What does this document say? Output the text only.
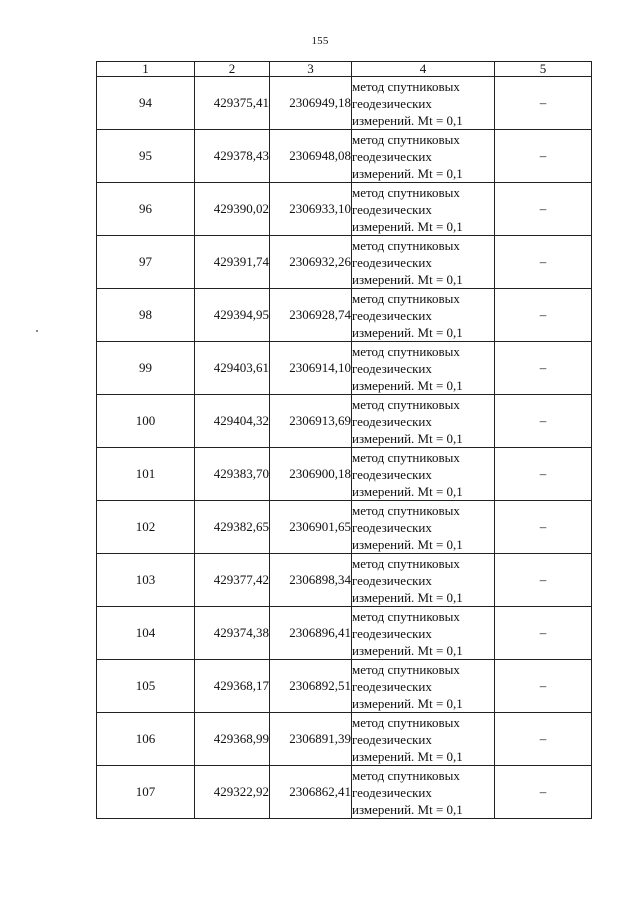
155
1	2	3	4	5
94	429375,41	2306949,18	метод спутниковых
геодезических
измерений. Mt = 0,1	–
95	429378,43	2306948,08	метод спутниковых
геодезических
измерений. Mt = 0,1	–
96	429390,02	2306933,10	метод спутниковых
геодезических
измерений. Mt = 0,1	–
97	429391,74	2306932,26	метод спутниковых
геодезических
измерений. Mt = 0,1	–
98	429394,95	2306928,74	метод спутниковых
геодезических
измерений. Mt = 0,1	–
99	429403,61	2306914,10	метод спутниковых
геодезических
измерений. Mt = 0,1	–
100	429404,32	2306913,69	метод спутниковых
геодезических
измерений. Mt = 0,1	–
101	429383,70	2306900,18	метод спутниковых
геодезических
измерений. Mt = 0,1	–
102	429382,65	2306901,65	метод спутниковых
геодезических
измерений. Mt = 0,1	–
103	429377,42	2306898,34	метод спутниковых
геодезических
измерений. Mt = 0,1	–
104	429374,38	2306896,41	метод спутниковых
геодезических
измерений. Mt = 0,1	–
105	429368,17	2306892,51	метод спутниковых
геодезических
измерений. Mt = 0,1	–
106	429368,99	2306891,39	метод спутниковых
геодезических
измерений. Mt = 0,1	–
107	429322,92	2306862,41	метод спутниковых
геодезических
измерений. Mt = 0,1	–
